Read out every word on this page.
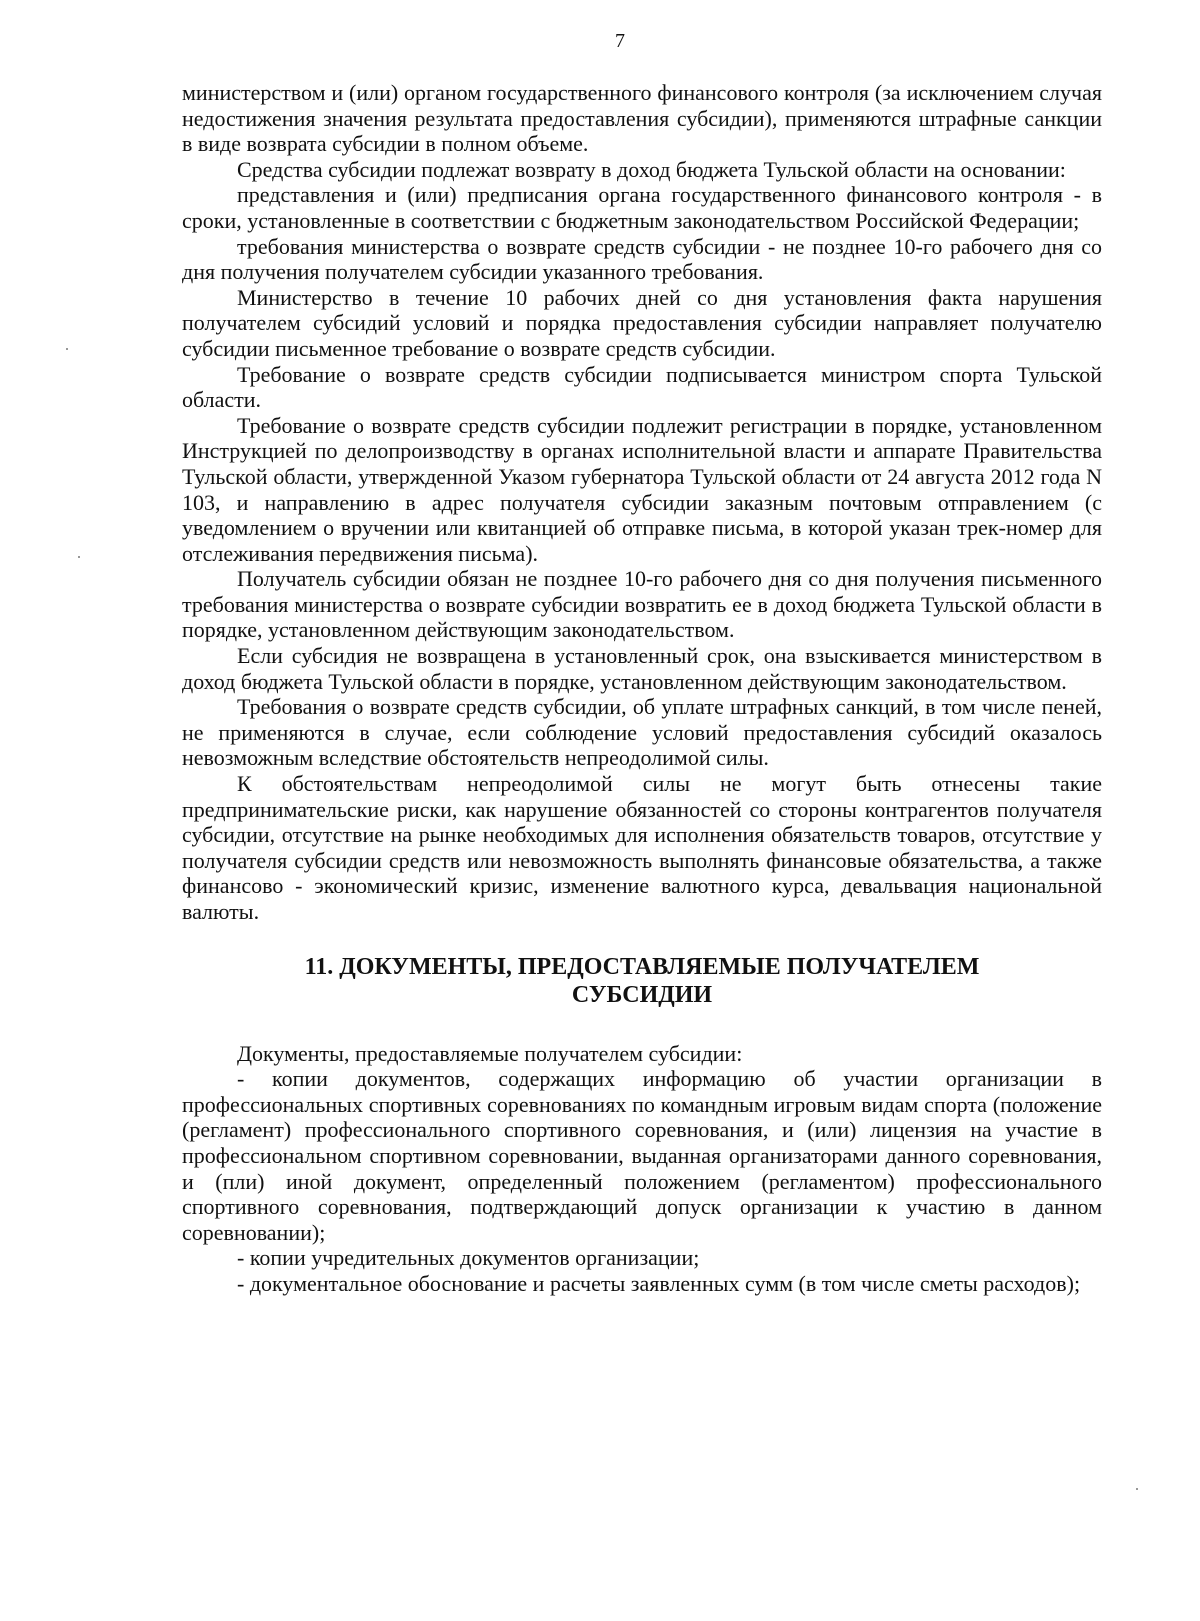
7

министерством и (или) органом государственного финансового контроля (за исключением случая недостижения значения результата предоставления субсидии), применяются штрафные санкции в виде возврата субсидии в полном объеме.

Средства субсидии подлежат возврату в доход бюджета Тульской области на основании:

представления и (или) предписания органа государственного финансового контроля - в сроки, установленные в соответствии с бюджетным законодательством Российской Федерации;

требования министерства о возврате средств субсидии - не позднее 10-го рабочего дня со дня получения получателем субсидии указанного требования.

Министерство в течение 10 рабочих дней со дня установления факта нарушения получателем субсидий условий и порядка предоставления субсидии направляет получателю субсидии письменное требование о возврате средств субсидии.

Требование о возврате средств субсидии подписывается министром спорта Тульской области.

Требование о возврате средств субсидии подлежит регистрации в порядке, установленном Инструкцией по делопроизводству в органах исполнительной власти и аппарате Правительства Тульской области, утвержденной Указом губернатора Тульской области от 24 августа 2012 года N 103, и направлению в адрес получателя субсидии заказным почтовым отправлением (с уведомлением о вручении или квитанцией об отправке письма, в которой указан трек-номер для отслеживания передвижения письма).

Получатель субсидии обязан не позднее 10-го рабочего дня со дня получения письменного требования министерства о возврате субсидии возвратить ее в доход бюджета Тульской области в порядке, установленном действующим законодательством.

Если субсидия не возвращена в установленный срок, она взыскивается министерством в доход бюджета Тульской области в порядке, установленном действующим законодательством.

Требования о возврате средств субсидии, об уплате штрафных санкций, в том числе пеней, не применяются в случае, если соблюдение условий предоставления субсидий оказалось невозможным вследствие обстоятельств непреодолимой силы.

К обстоятельствам непреодолимой силы не могут быть отнесены такие предпринимательские риски, как нарушение обязанностей со стороны контрагентов получателя субсидии, отсутствие на рынке необходимых для исполнения обязательств товаров, отсутствие у получателя субсидии средств или невозможность выполнять финансовые обязательства, а также финансово - экономический кризис, изменение валютного курса, девальвация национальной валюты.

11. ДОКУМЕНТЫ, ПРЕДОСТАВЛЯЕМЫЕ ПОЛУЧАТЕЛЕМ
СУБСИДИИ

Документы, предоставляемые получателем субсидии:

- копии документов, содержащих информацию об участии организации в профессиональных спортивных соревнованиях по командным игровым видам спорта (положение (регламент) профессионального спортивного соревнования, и (или) лицензия на участие в профессиональном спортивном соревновании, выданная организаторами данного соревнования, и (пли) иной документ, определенный положением (регламентом) профессионального спортивного соревнования, подтверждающий допуск организации к участию в данном соревновании);

- копии учредительных документов организации;

- документальное обоснование и расчеты заявленных сумм (в том числе сметы расходов);
